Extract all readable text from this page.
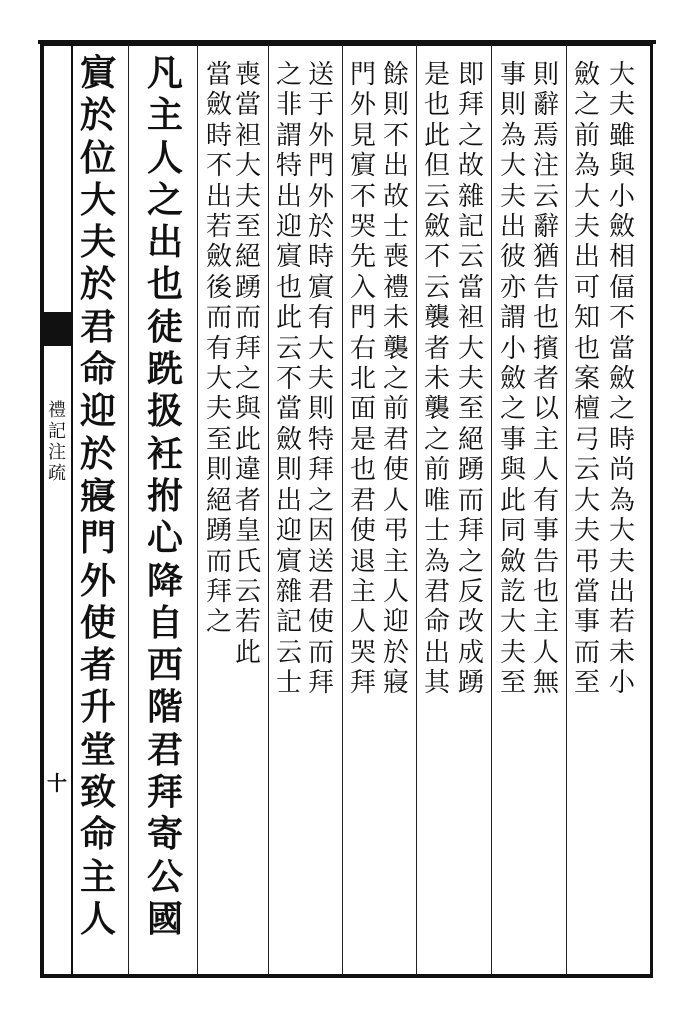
禮記注疏
十
賔
於
位
大
夫
於
君
命
迎
於
寢
門
外
使
者
升
堂
致
命
主
人
凡
主
人
之
出
也
徒
跣
扱
衽
拊
心
降
自
西
階
君
拜
寄
公
國
喪
當
袒
大
夫
至
絕
踴
而
拜
之
與
此
違
者
皇
氏
云
若
此
當
斂
時
不
出
若
斂
後
而
有
大
夫
至
則
絕
踴
而
拜
之
送
于
外
門
外
於
時
賔
有
大
夫
則
特
拜
之
因
送
君
使
而
拜
之
非
謂
特
出
迎
賔
也
此
云
不
當
斂
則
出
迎
賔
雜
記
云
士
餘
則
不
出
故
士
喪
禮
未
襲
之
前
君
使
人
弔
主
人
迎
於
寢
門
外
見
賔
不
哭
先
入
門
右
北
面
是
也
君
使
退
主
人
哭
拜
即
拜
之
故
雜
記
云
當
袒
大
夫
至
絕
踴
而
拜
之
反
改
成
踴
是
也
此
但
云
斂
不
云
襲
者
未
襲
之
前
唯
士
為
君
命
出
其
則
辭
焉
注
云
辭
猶
告
也
擯
者
以
主
人
有
事
告
也
主
人
無
事
則
為
大
夫
出
彼
亦
謂
小
斂
之
事
與
此
同
斂
訖
大
夫
至
大
夫
雖
與
小
斂
相
偪
不
當
斂
之
時
尚
為
大
夫
出
若
未
小
斂
之
前
為
大
夫
出
可
知
也
案
檀
弓
云
大
夫
弔
當
事
而
至
